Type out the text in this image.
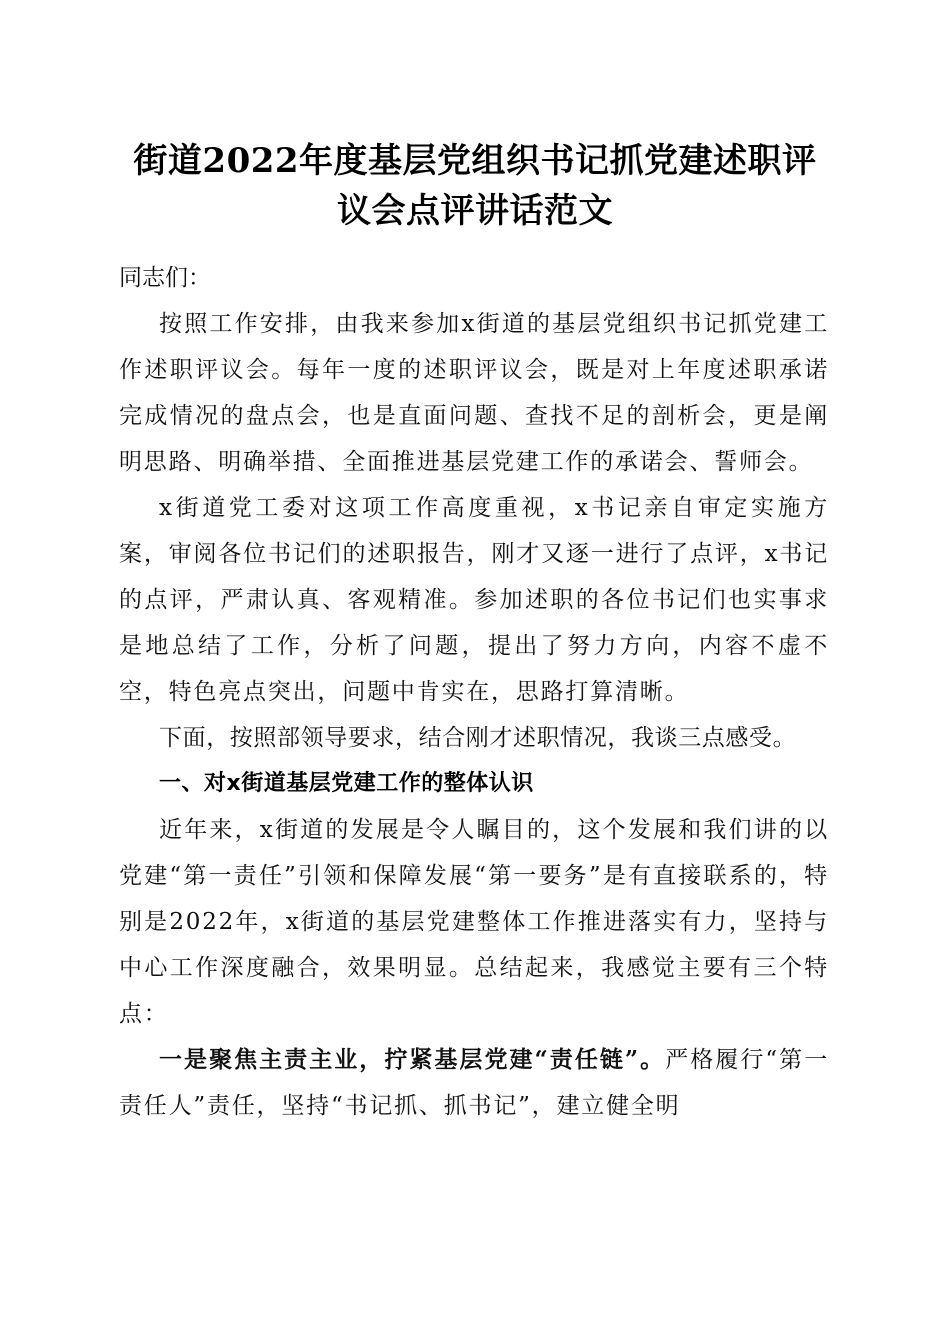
街道2022年度基层党组织书记抓党建述职评
议会点评讲话范文

同志们：

按照工作安排，由我来参加x街道的基层党组织书记抓党建工作述职评议会。每年一度的述职评议会，既是对上年度述职承诺完成情况的盘点会，也是直面问题、查找不足的剖析会，更是阐明思路、明确举措、全面推进基层党建工作的承诺会、誓师会。

x街道党工委对这项工作高度重视，x书记亲自审定实施方案，审阅各位书记们的述职报告，刚才又逐一进行了点评，x书记的点评，严肃认真、客观精准。参加述职的各位书记们也实事求是地总结了工作，分析了问题，提出了努力方向，内容不虚不空，特色亮点突出，问题中肯实在，思路打算清晰。

下面，按照部领导要求，结合刚才述职情况，我谈三点感受。

一、对x街道基层党建工作的整体认识

近年来，x街道的发展是令人瞩目的，这个发展和我们讲的以党建“第一责任”引领和保障发展“第一要务”是有直接联系的，特别是2022年，x街道的基层党建整体工作推进落实有力，坚持与中心工作深度融合，效果明显。总结起来，我感觉主要有三个特点：

一是聚焦主责主业，拧紧基层党建“责任链”。严格履行“第一责任人”责任，坚持“书记抓、抓书记”，建立健全明
